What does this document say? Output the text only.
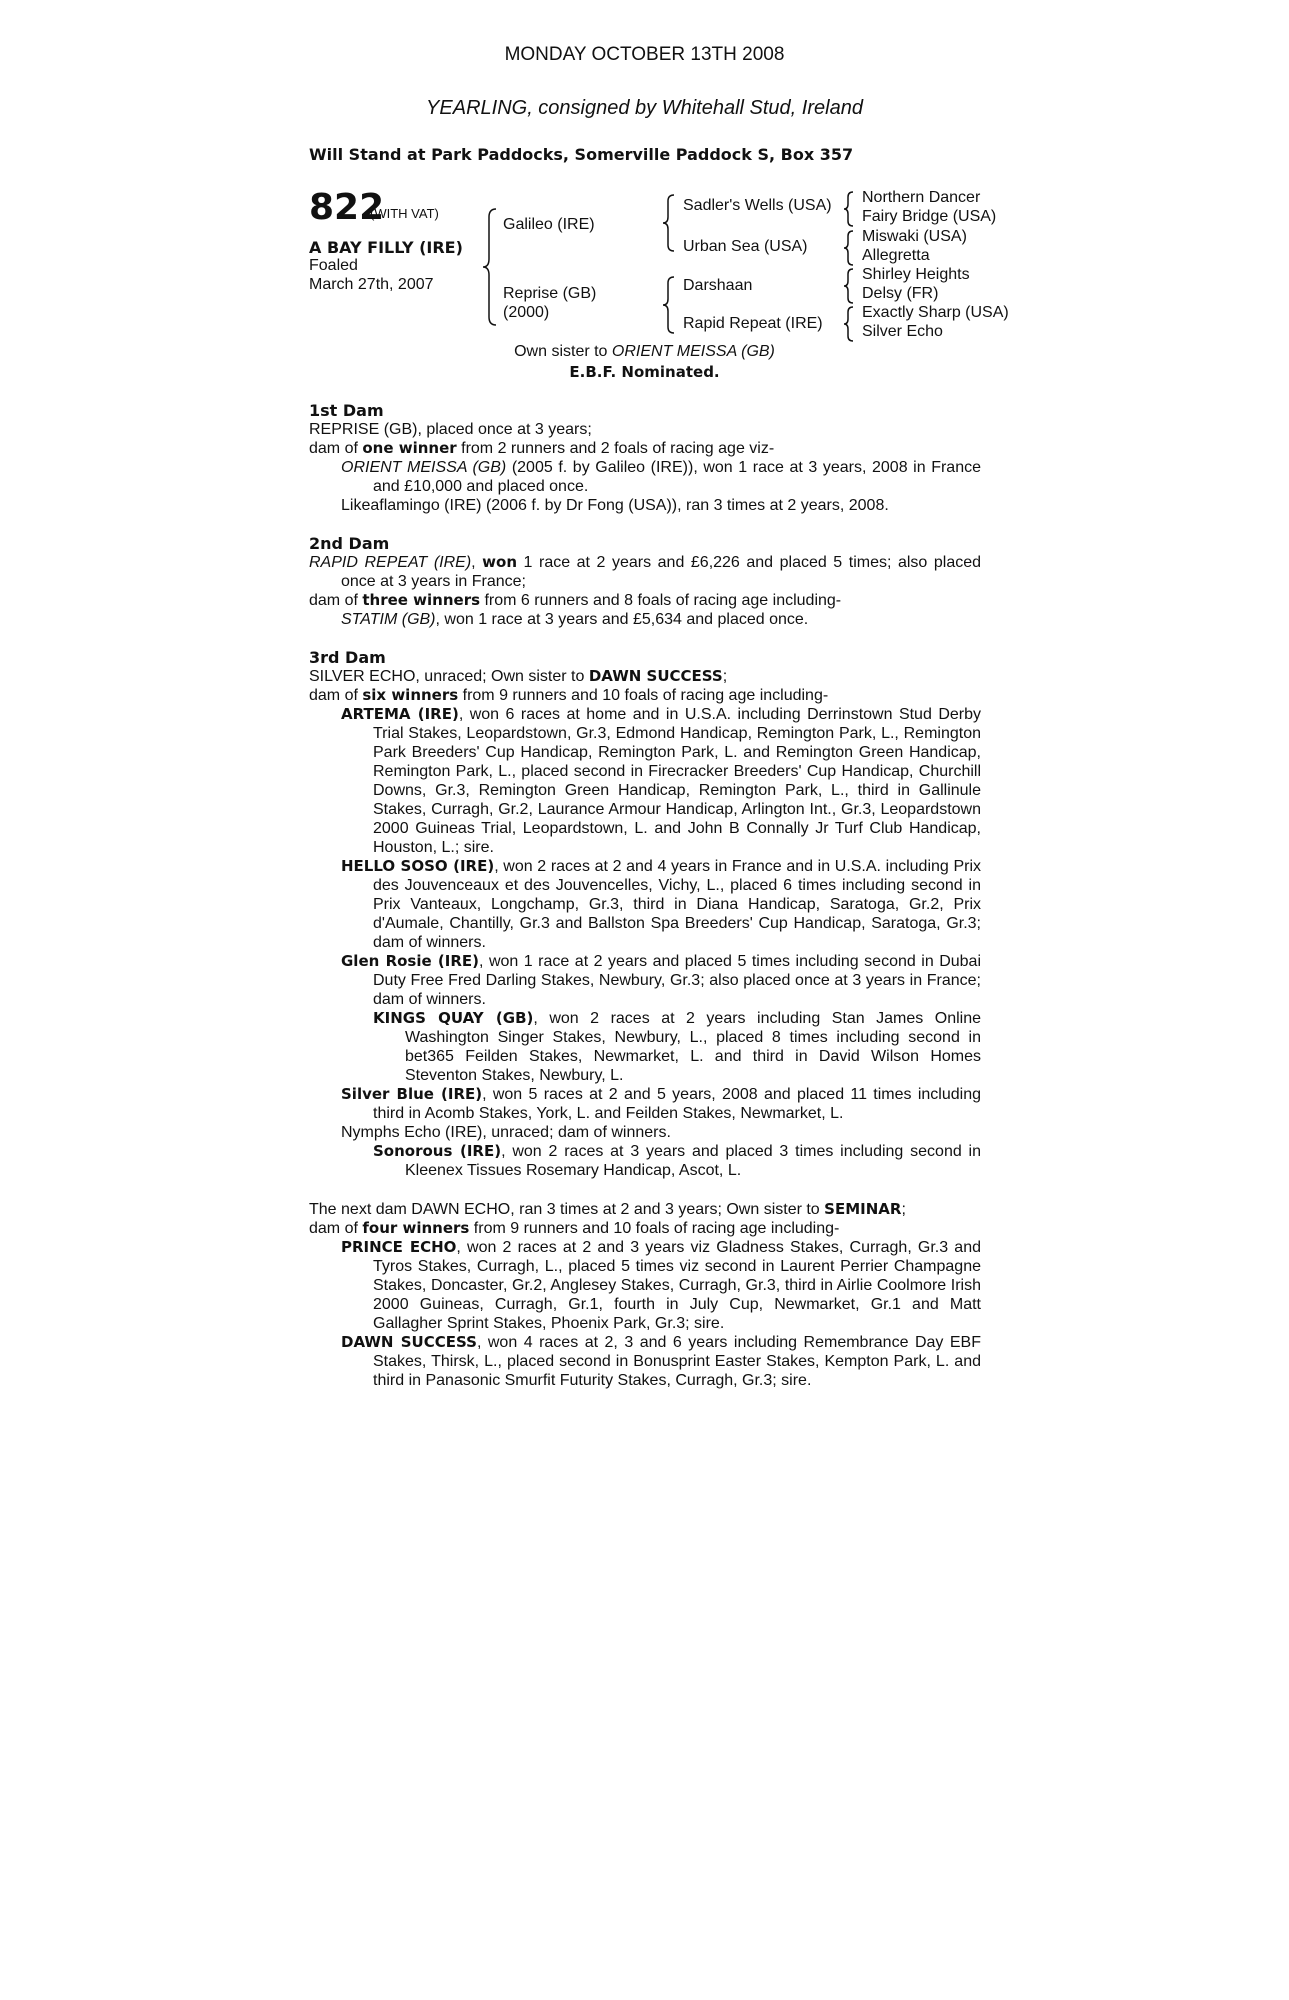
MONDAY OCTOBER 13TH 2008
YEARLING, consigned by Whitehall Stud, Ireland
Will Stand at Park Paddocks, Somerville Paddock S, Box 357
822
(WITH VAT)
A BAY FILLY (IRE)
Foaled
March 27th, 2007
Galileo (IRE)
Reprise (GB)
(2000)
Sadler's Wells (USA)
Urban Sea (USA)
Darshaan
Rapid Repeat (IRE)
Northern Dancer
Fairy Bridge (USA)
Miswaki (USA)
Allegretta
Shirley Heights
Delsy (FR)
Exactly Sharp (USA)
Silver Echo
Own sister to ORIENT MEISSA (GB)
E.B.F. Nominated.

1st Dam

REPRISE (GB), placed once at 3 years;

dam of one winner from 2 runners and 2 foals of racing age viz-

ORIENT MEISSA (GB) (2005 f. by Galileo (IRE)), won 1 race at 3 years, 2008 in France and £10,000 and placed once.

Likeaflamingo (IRE) (2006 f. by Dr Fong (USA)), ran 3 times at 2 years, 2008.

2nd Dam

RAPID REPEAT (IRE), won 1 race at 2 years and £6,226 and placed 5 times; also placed once at 3 years in France;

dam of three winners from 6 runners and 8 foals of racing age including-

STATIM (GB), won 1 race at 3 years and £5,634 and placed once.

3rd Dam

SILVER ECHO, unraced; Own sister to DAWN SUCCESS;

dam of six winners from 9 runners and 10 foals of racing age including-

ARTEMA (IRE), won 6 races at home and in U.S.A. including Derrinstown Stud Derby Trial Stakes, Leopardstown, Gr.3, Edmond Handicap, Remington Park, L., Remington Park Breeders' Cup Handicap, Remington Park, L. and Remington Green Handicap, Remington Park, L., placed second in Firecracker Breeders' Cup Handicap, Churchill Downs, Gr.3, Remington Green Handicap, Remington Park, L., third in Gallinule Stakes, Curragh, Gr.2, Laurance Armour Handicap, Arlington Int., Gr.3, Leopardstown 2000 Guineas Trial, Leopardstown, L. and John B Connally Jr Turf Club Handicap, Houston, L.; sire.

HELLO SOSO (IRE), won 2 races at 2 and 4 years in France and in U.S.A. including Prix des Jouvenceaux et des Jouvencelles, Vichy, L., placed 6 times including second in Prix Vanteaux, Longchamp, Gr.3, third in Diana Handicap, Saratoga, Gr.2, Prix d'Aumale, Chantilly, Gr.3 and Ballston Spa Breeders' Cup Handicap, Saratoga, Gr.3; dam of winners.

Glen Rosie (IRE), won 1 race at 2 years and placed 5 times including second in Dubai Duty Free Fred Darling Stakes, Newbury, Gr.3; also placed once at 3 years in France; dam of winners.

KINGS QUAY (GB), won 2 races at 2 years including Stan James Online Washington Singer Stakes, Newbury, L., placed 8 times including second in bet365 Feilden Stakes, Newmarket, L. and third in David Wilson Homes Steventon Stakes, Newbury, L.

Silver Blue (IRE), won 5 races at 2 and 5 years, 2008 and placed 11 times including third in Acomb Stakes, York, L. and Feilden Stakes, Newmarket, L.

Nymphs Echo (IRE), unraced; dam of winners.

Sonorous (IRE), won 2 races at 3 years and placed 3 times including second in Kleenex Tissues Rosemary Handicap, Ascot, L.

The next dam DAWN ECHO, ran 3 times at 2 and 3 years; Own sister to SEMINAR;

dam of four winners from 9 runners and 10 foals of racing age including-

PRINCE ECHO, won 2 races at 2 and 3 years viz Gladness Stakes, Curragh, Gr.3 and Tyros Stakes, Curragh, L., placed 5 times viz second in Laurent Perrier Champagne Stakes, Doncaster, Gr.2, Anglesey Stakes, Curragh, Gr.3, third in Airlie Coolmore Irish 2000 Guineas, Curragh, Gr.1, fourth in July Cup, Newmarket, Gr.1 and Matt Gallagher Sprint Stakes, Phoenix Park, Gr.3; sire.

DAWN SUCCESS, won 4 races at 2, 3 and 6 years including Remembrance Day EBF Stakes, Thirsk, L., placed second in Bonusprint Easter Stakes, Kempton Park, L. and third in Panasonic Smurfit Futurity Stakes, Curragh, Gr.3; sire.
